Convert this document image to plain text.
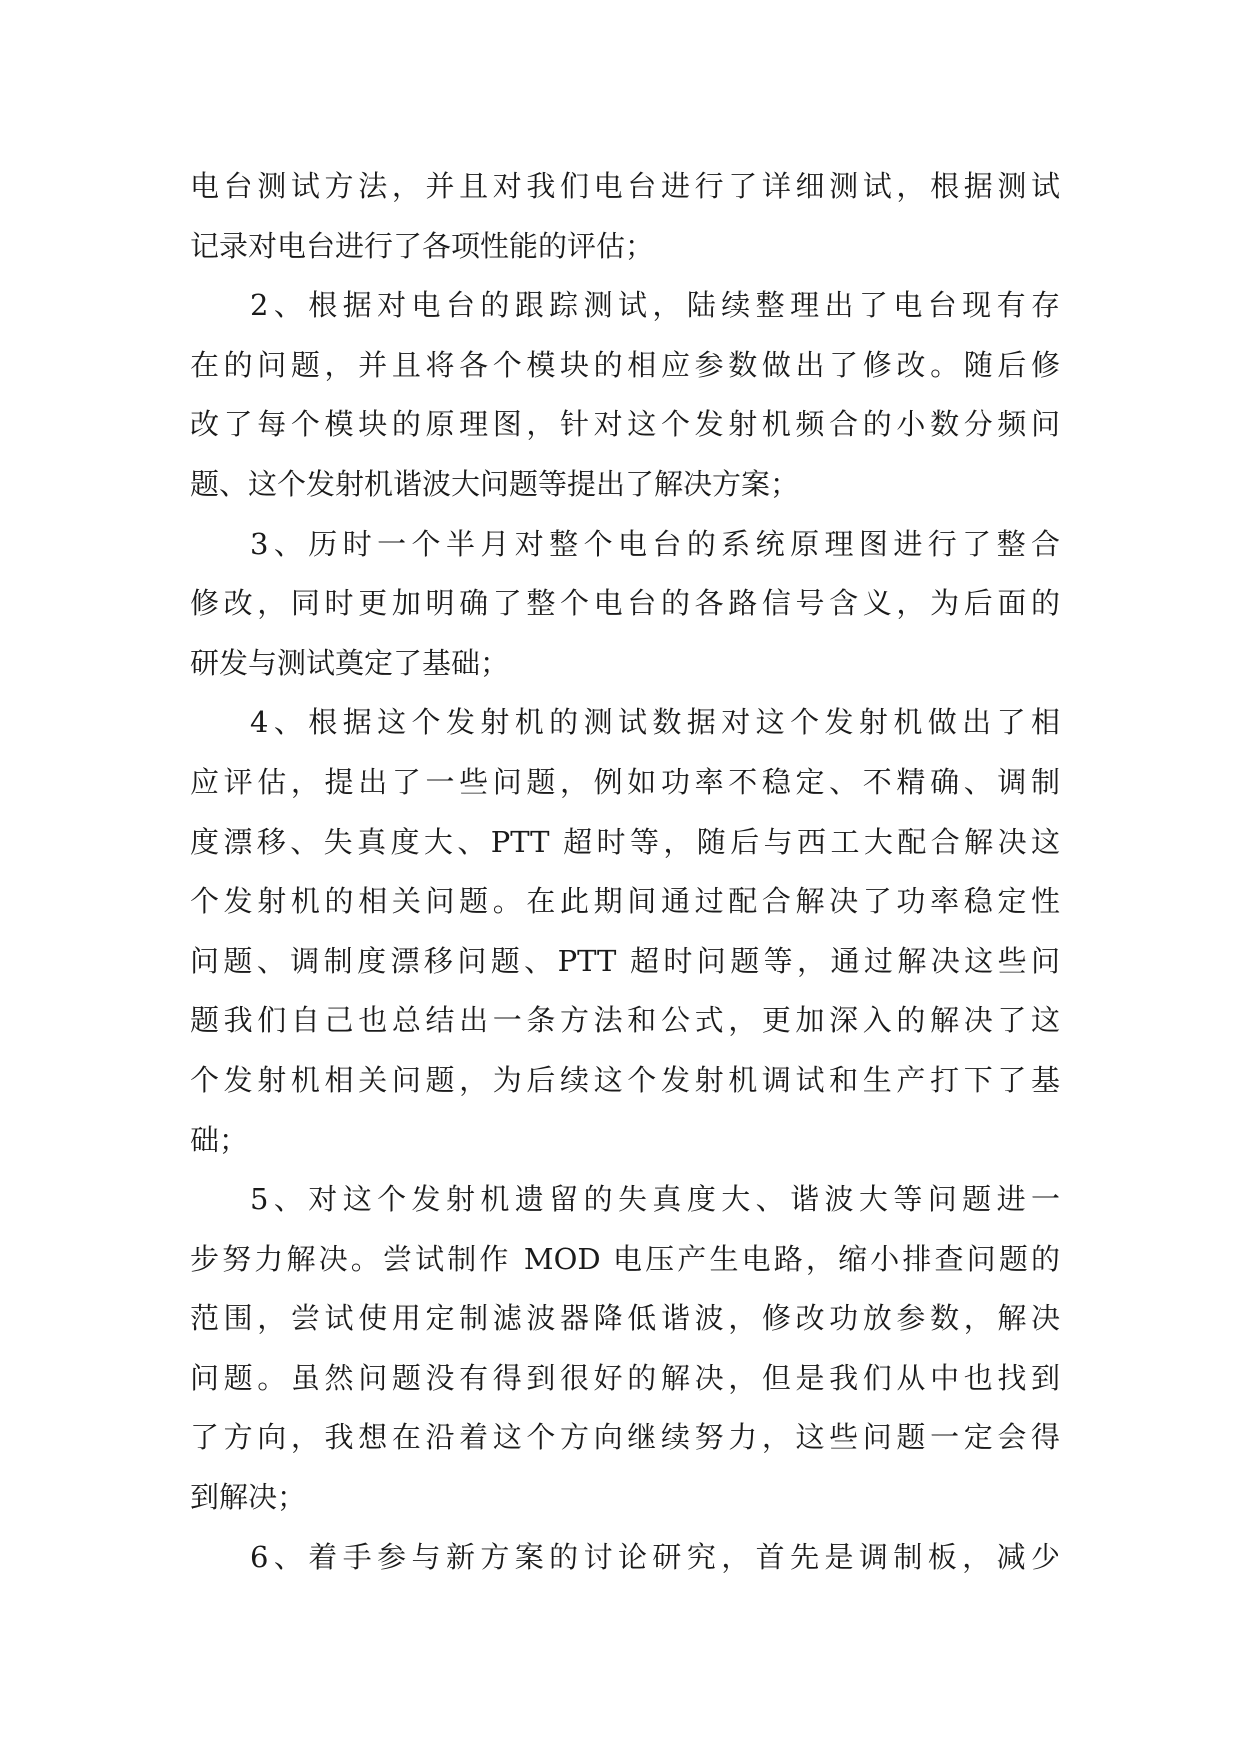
电台测试方法，并且对我们电台进行了详细测试，根据测试
记录对电台进行了各项性能的评估；
2、根据对电台的跟踪测试，陆续整理出了电台现有存
在的问题，并且将各个模块的相应参数做出了修改。随后修
改了每个模块的原理图，针对这个发射机频合的小数分频问
题、这个发射机谐波大问题等提出了解决方案；
3、历时一个半月对整个电台的系统原理图进行了整合
修改，同时更加明确了整个电台的各路信号含义，为后面的
研发与测试奠定了基础；
4、根据这个发射机的测试数据对这个发射机做出了相
应评估，提出了一些问题，例如功率不稳定、不精确、调制
度漂移、失真度大、PTT 超时等，随后与西工大配合解决这
个发射机的相关问题。在此期间通过配合解决了功率稳定性
问题、调制度漂移问题、PTT 超时问题等，通过解决这些问
题我们自己也总结出一条方法和公式，更加深入的解决了这
个发射机相关问题，为后续这个发射机调试和生产打下了基
础；
5、对这个发射机遗留的失真度大、谐波大等问题进一
步努力解决。尝试制作 MOD 电压产生电路，缩小排查问题的
范围，尝试使用定制滤波器降低谐波，修改功放参数，解决
问题。虽然问题没有得到很好的解决，但是我们从中也找到
了方向，我想在沿着这个方向继续努力，这些问题一定会得
到解决；
6、着手参与新方案的讨论研究，首先是调制板，减少
